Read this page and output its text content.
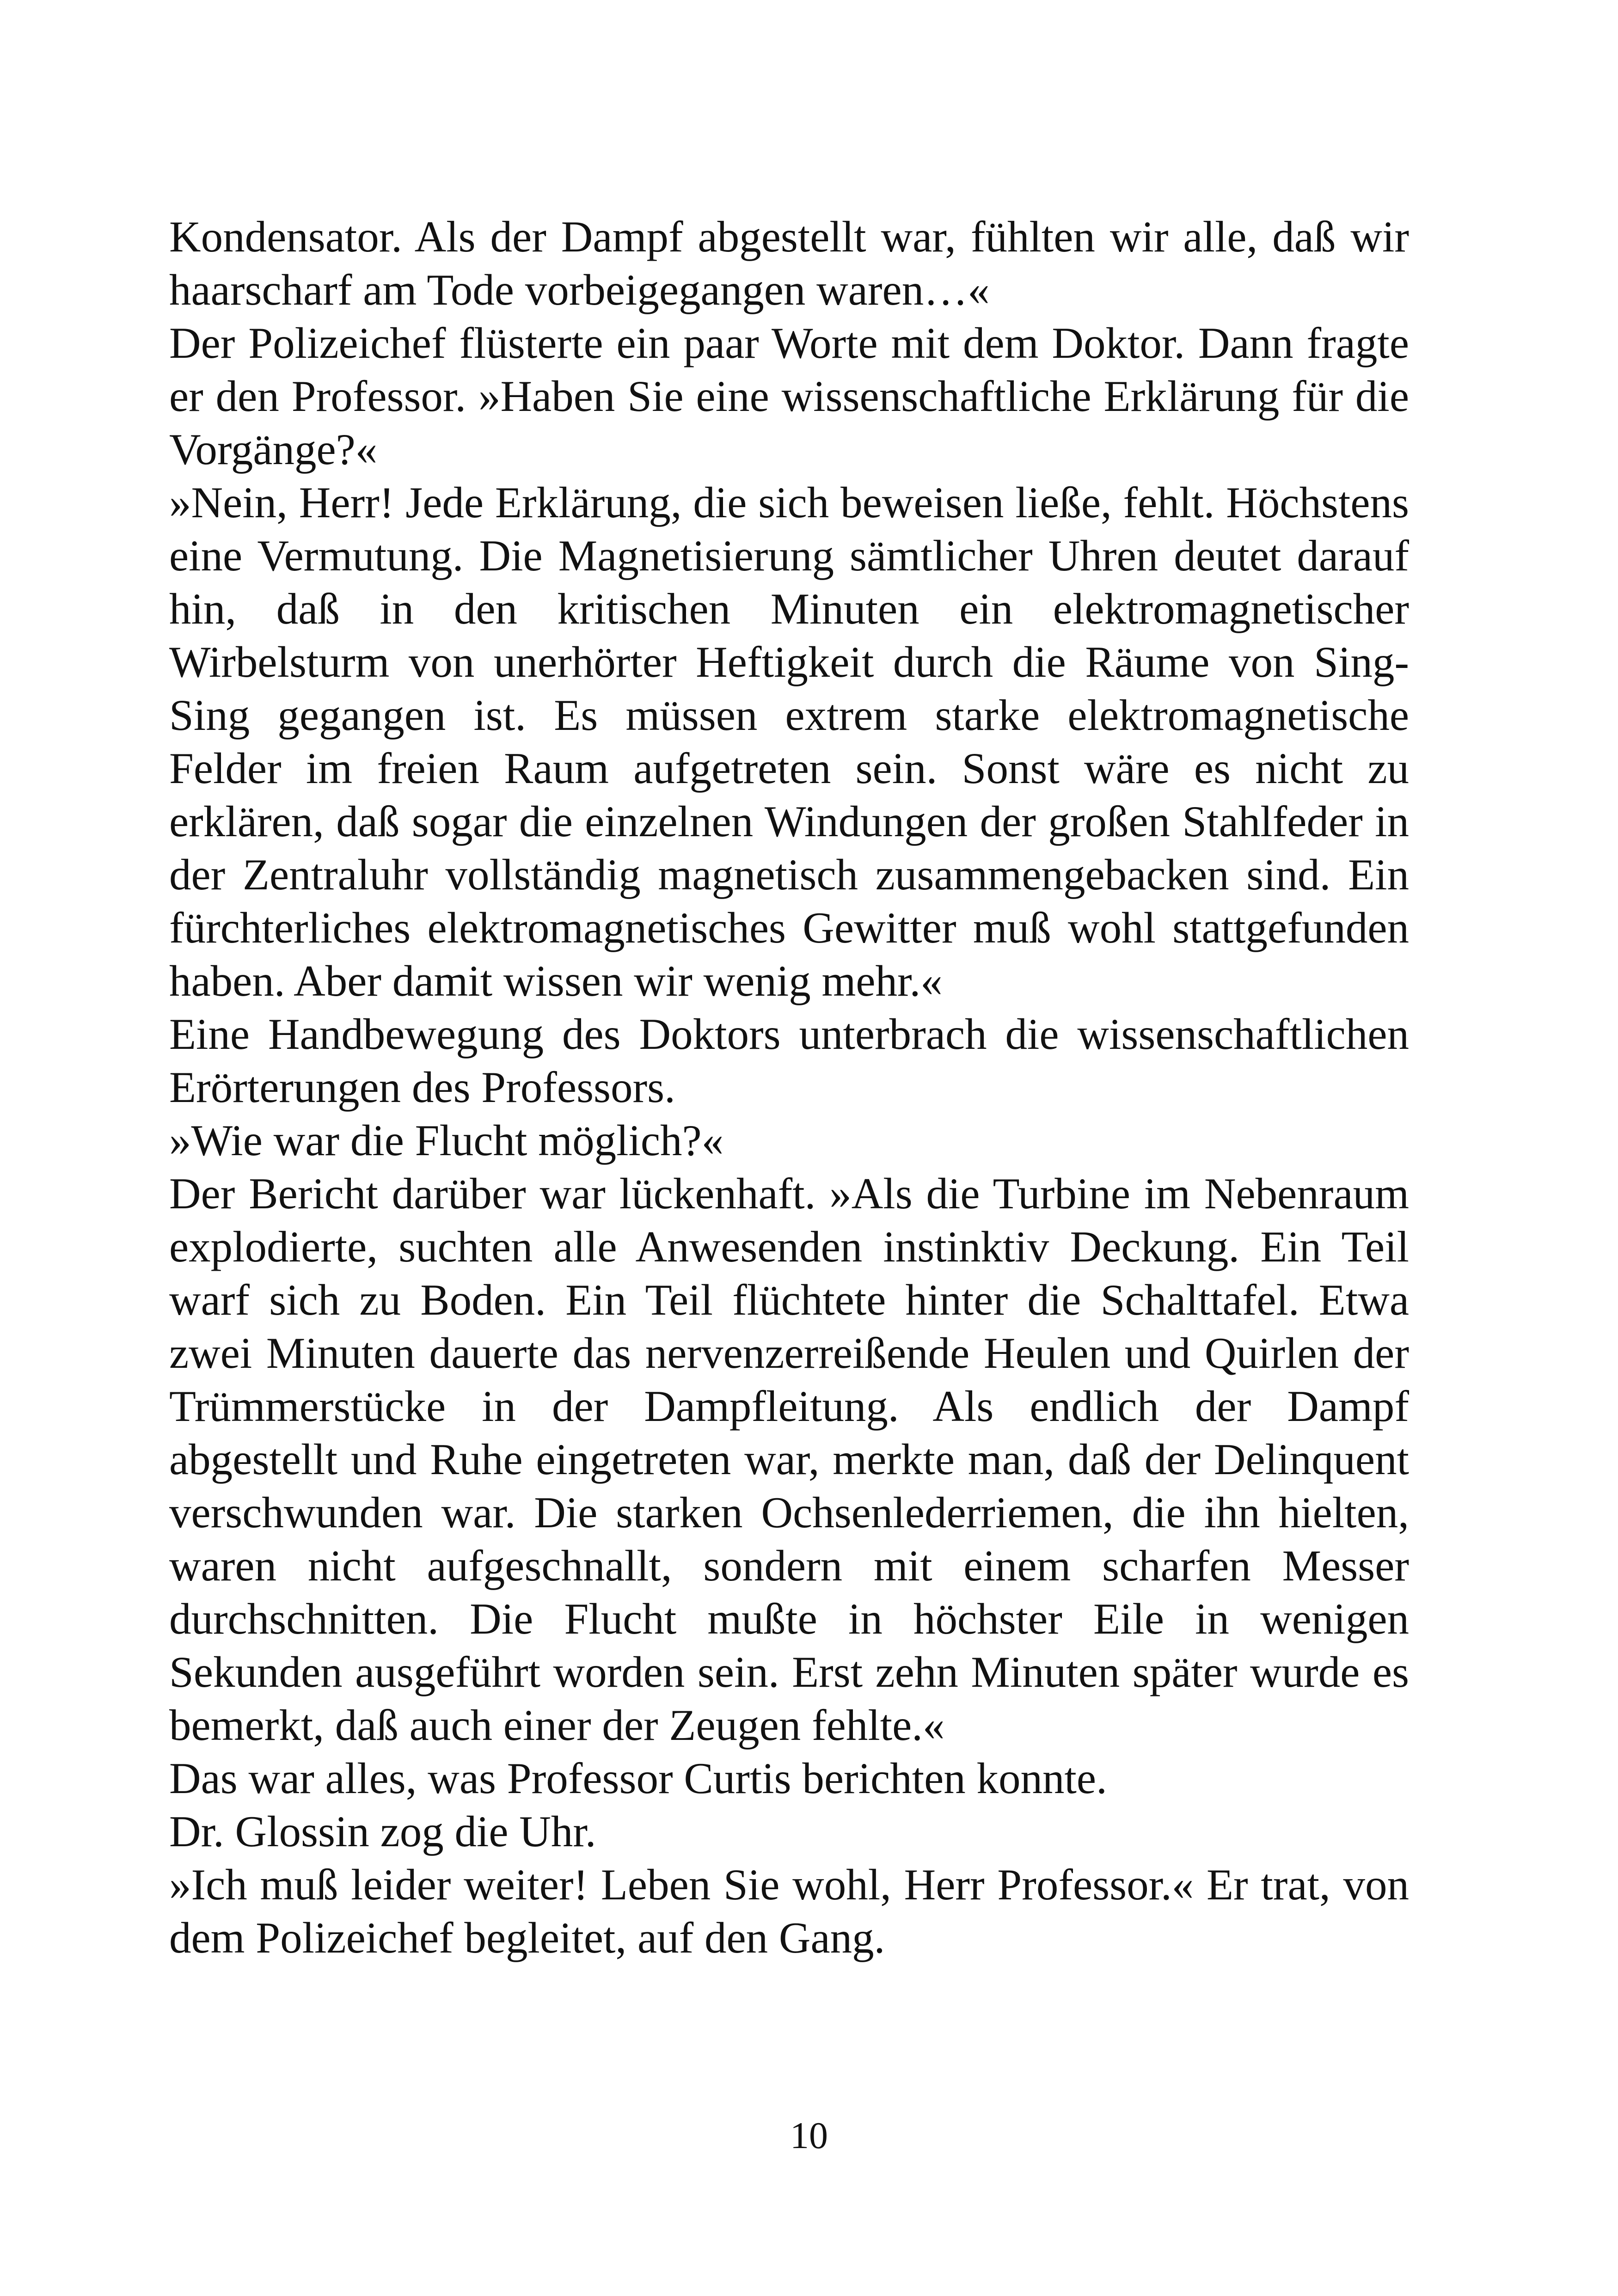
Kondensator. Als der Dampf abgestellt war, fühlten wir alle, daß wir haarscharf am Tode vorbeigegangen waren…«

Der Polizeichef flüsterte ein paar Worte mit dem Doktor. Dann fragte er den Professor. »Haben Sie eine wissenschaftliche Erklärung für die Vorgänge?«

»Nein, Herr! Jede Erklärung, die sich beweisen ließe, fehlt. Höchstens eine Vermutung. Die Magnetisierung sämtlicher Uhren deutet darauf hin, daß in den kritischen Minuten ein elektromagnetischer Wirbelsturm von unerhörter Heftigkeit durch die Räume von Sing-Sing gegangen ist. Es müssen extrem starke elektromagnetische Felder im freien Raum aufgetreten sein. Sonst wäre es nicht zu erklären, daß sogar die einzelnen Windungen der großen Stahlfeder in der Zentraluhr vollständig magnetisch zusammengebacken sind. Ein fürchterliches elektromagnetisches Gewitter muß wohl stattgefunden haben. Aber damit wissen wir wenig mehr.«

Eine Handbewegung des Doktors unterbrach die wissenschaftlichen Erörterungen des Professors.

»Wie war die Flucht möglich?«

Der Bericht darüber war lückenhaft. »Als die Turbine im Nebenraum explodierte, suchten alle Anwesenden instinktiv Deckung. Ein Teil warf sich zu Boden. Ein Teil flüchtete hinter die Schalttafel. Etwa zwei Minuten dauerte das nervenzerreißende Heulen und Quirlen der Trümmerstücke in der Dampfleitung. Als endlich der Dampf abgestellt und Ruhe eingetreten war, merkte man, daß der Delinquent verschwunden war. Die starken Ochsenlederriemen, die ihn hielten, waren nicht aufgeschnallt, sondern mit einem scharfen Messer durchschnitten. Die Flucht mußte in höchster Eile in wenigen Sekunden ausgeführt worden sein. Erst zehn Minuten später wurde es bemerkt, daß auch einer der Zeugen fehlte.«

Das war alles, was Professor Curtis berichten konnte.

Dr. Glossin zog die Uhr.

»Ich muß leider weiter! Leben Sie wohl, Herr Professor.« Er trat, von dem Polizeichef begleitet, auf den Gang.

10
